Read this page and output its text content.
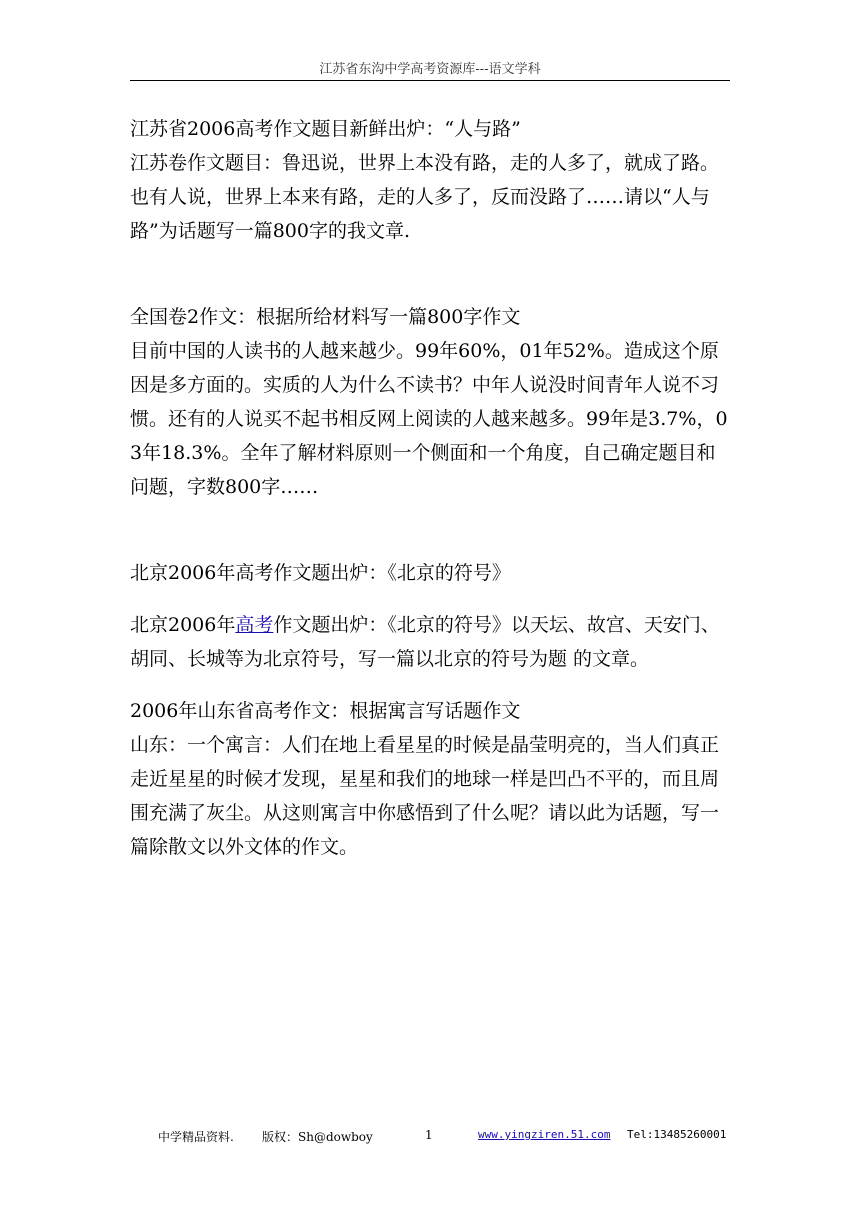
江苏省东沟中学高考资源库---语文学科

江苏省2006高考作文题目新鲜出炉：“人与路”

江苏卷作文题目：鲁迅说，世界上本没有路，走的人多了，就成了路。也有人说，世界上本来有路，走的人多了，反而没路了……请以“人与路”为话题写一篇800字的我文章.

全国卷2作文：根据所给材料写一篇800字作文

目前中国的人读书的人越来越少。99年60%，01年52%。造成这个原因是多方面的。实质的人为什么不读书？中年人说没时间青年人说不习惯。还有的人说买不起书相反网上阅读的人越来越多。99年是3.7%，03年18.3%。全年了解材料原则一个侧面和一个角度，自己确定题目和问题，字数800字……

北京2006年高考作文题出炉：《北京的符号》

北京2006年高考作文题出炉：《北京的符号》以天坛、故宫、天安门、胡同、长城等为北京符号，写一篇以北京的符号为题 的文章。

2006年山东省高考作文：根据寓言写话题作文

山东：一个寓言：人们在地上看星星的时候是晶莹明亮的，当人们真正走近星星的时候才发现，星星和我们的地球一样是凹凸不平的，而且周围充满了灰尘。从这则寓言中你感悟到了什么呢？请以此为话题，写一篇除散文以外文体的作文。

中学精品资料. 版权：Sh@dowboy	1	www.yingziren.51.com Tel:13485260001
